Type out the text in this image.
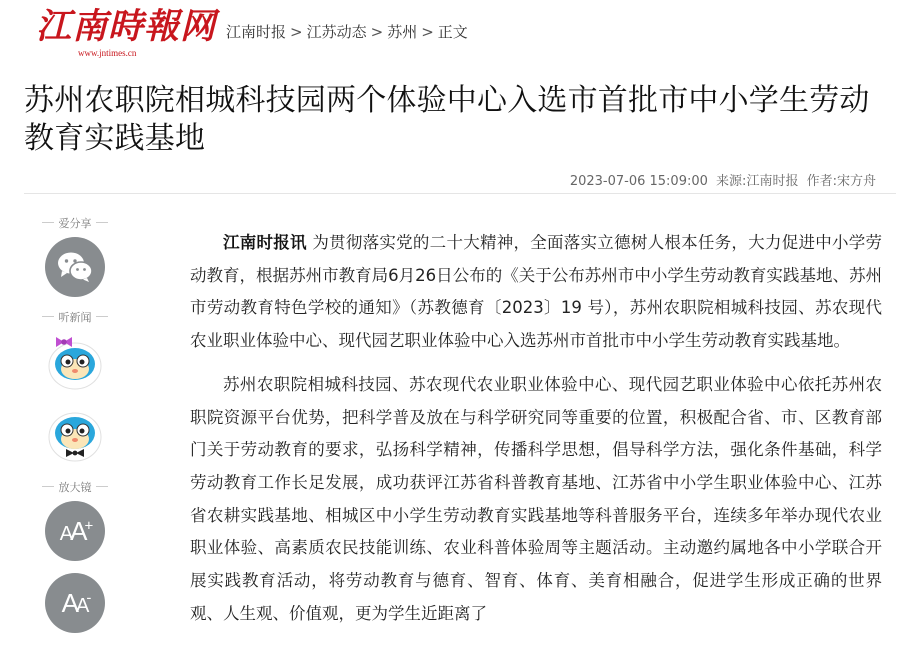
江南時報网
www.jntimes.cn
江南时报 > 江苏动态 > 苏州 > 正文
苏州农职院相城科技园两个体验中心入选市首批市中小学生劳动教育实践基地
2023-07-06 15:09:00 来源:江南时报 作者:宋方舟
爱分享
听新闻
放大镜
AA+
AA-

江南时报讯 为贯彻落实党的二十大精神，全面落实立德树人根本任务，大力促进中小学劳动教育，根据苏州市教育局6月26日公布的《关于公布苏州市中小学生劳动教育实践基地、苏州市劳动教育特色学校的通知》（苏教德育〔2023〕19 号），苏州农职院相城科技园、苏农现代农业职业体验中心、现代园艺职业体验中心入选苏州市首批市中小学生劳动教育实践基地。

苏州农职院相城科技园、苏农现代农业职业体验中心、现代园艺职业体验中心依托苏州农职院资源平台优势，把科学普及放在与科学研究同等重要的位置，积极配合省、市、区教育部门关于劳动教育的要求，弘扬科学精神，传播科学思想，倡导科学方法，强化条件基础，科学劳动教育工作长足发展，成功获评江苏省科普教育基地、江苏省中小学生职业体验中心、江苏省农耕实践基地、相城区中小学生劳动教育实践基地等科普服务平台，连续多年举办现代农业职业体验、高素质农民技能训练、农业科普体验周等主题活动。主动邀约属地各中小学联合开展实践教育活动，将劳动教育与德育、智育、体育、美育相融合，促进学生形成正确的世界观、人生观、价值观，更为学生近距离了
